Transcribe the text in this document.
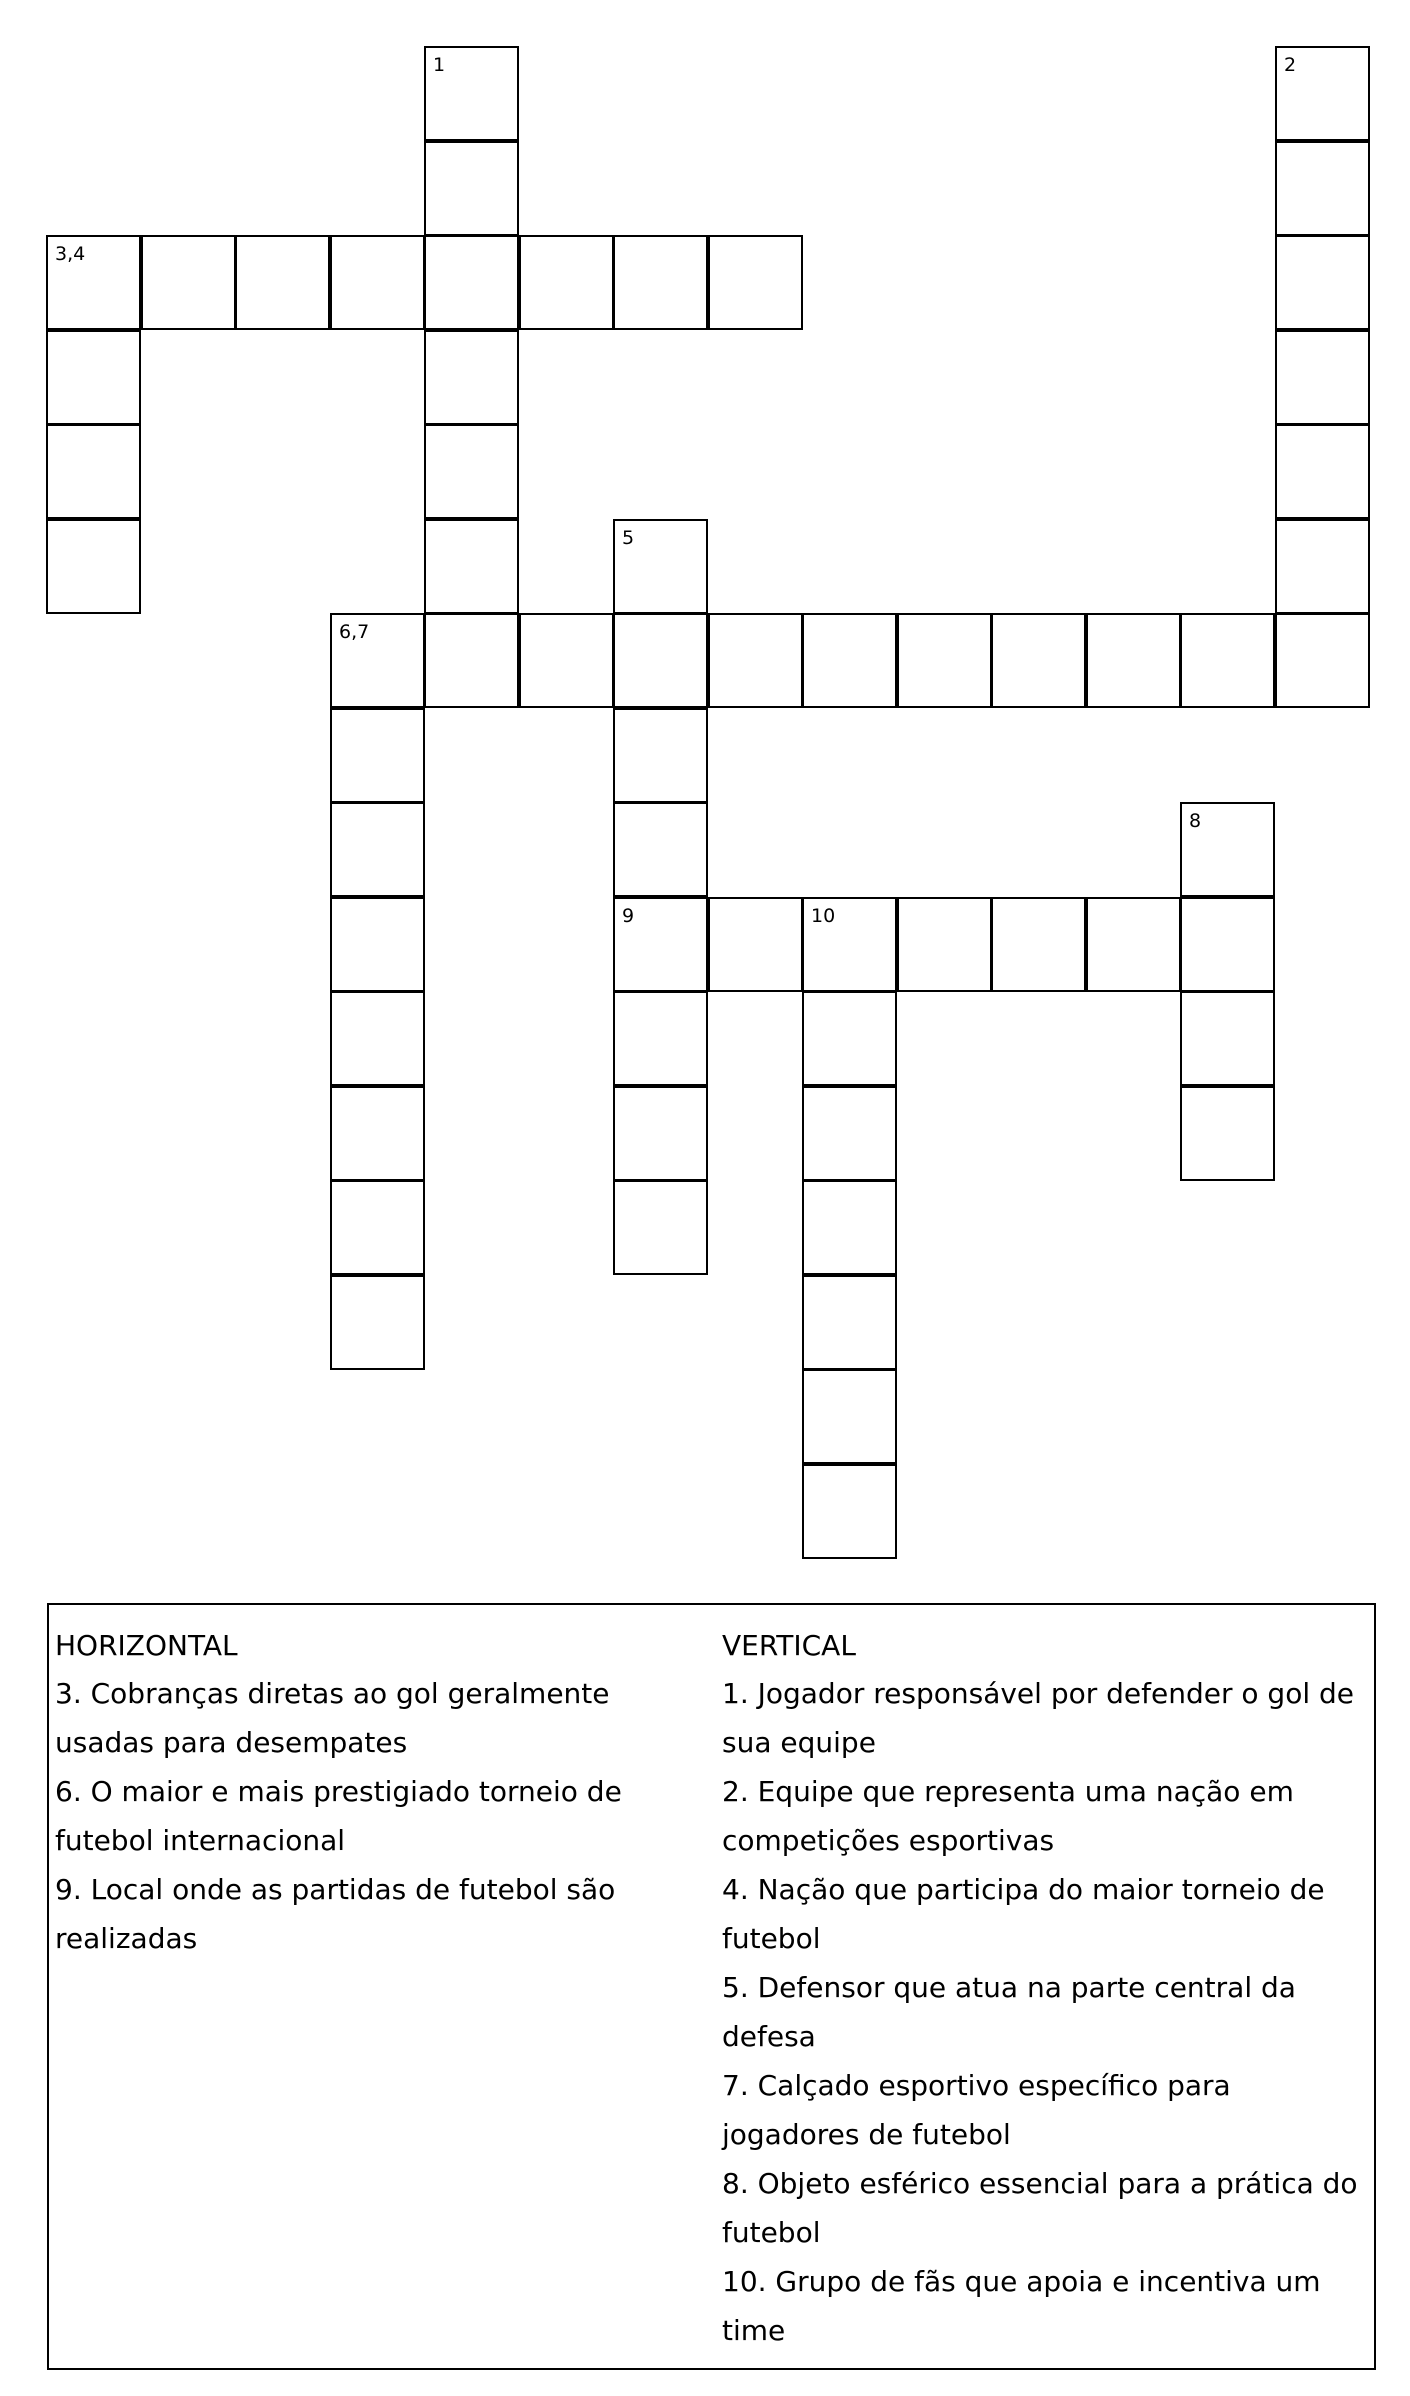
1	2
3,4
5
9
6,7
8
10
HORIZONTAL
3. Cobranças diretas ao gol geralmente usadas para desempates
6. O maior e mais prestigiado torneio de futebol internacional
9. Local onde as partidas de futebol são realizadas
VERTICAL
1. Jogador responsável por defender o gol de sua equipe
2. Equipe que representa uma nação em competições esportivas
4. Nação que participa do maior torneio de futebol
5. Defensor que atua na parte central da defesa
7. Calçado esportivo específico para jogadores de futebol
8. Objeto esférico essencial para a prática do futebol
10. Grupo de fãs que apoia e incentiva um time
